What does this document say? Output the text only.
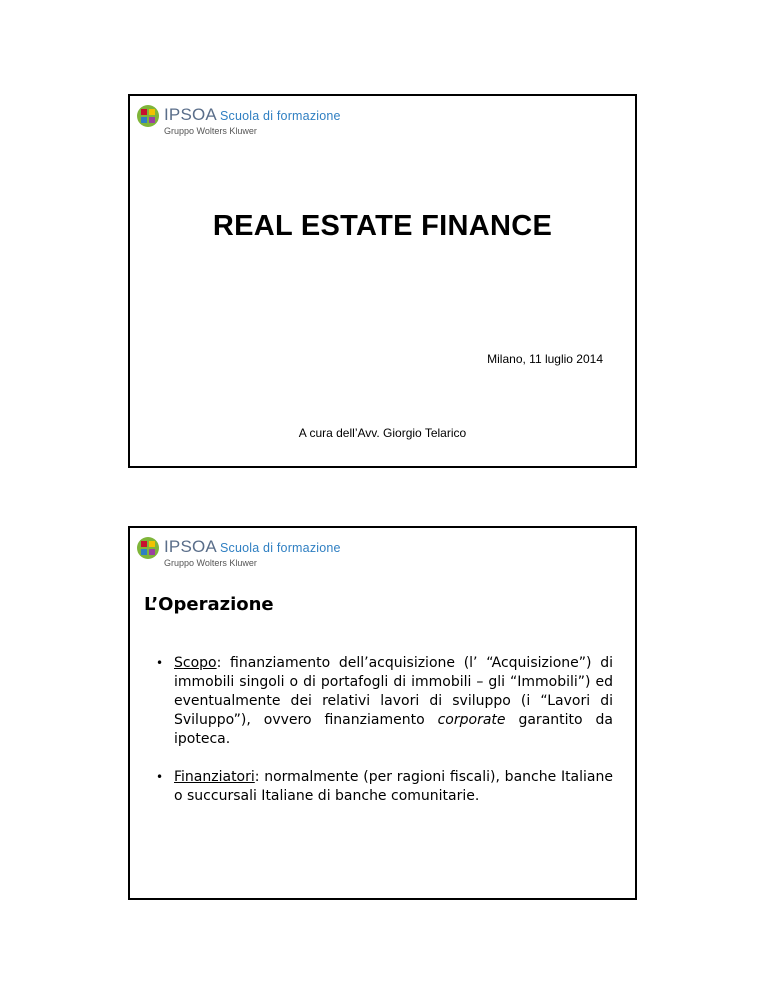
IPSOA Scuola di formazione
Gruppo Wolters Kluwer
REAL ESTATE FINANCE
Milano, 11 luglio 2014
A cura dell’Avv. Giorgio Telarico
IPSOA Scuola di formazione
Gruppo Wolters Kluwer
L’Operazione
• Scopo: finanziamento dell’acquisizione (l’ “Acquisizione”) di immobili singoli o di portafogli di immobili – gli “Immobili”) ed eventualmente dei relativi lavori di sviluppo (i “Lavori di Sviluppo”), ovvero finanziamento corporate garantito da ipoteca.
• Finanziatori: normalmente (per ragioni fiscali), banche Italiane o succursali Italiane di banche comunitarie.
